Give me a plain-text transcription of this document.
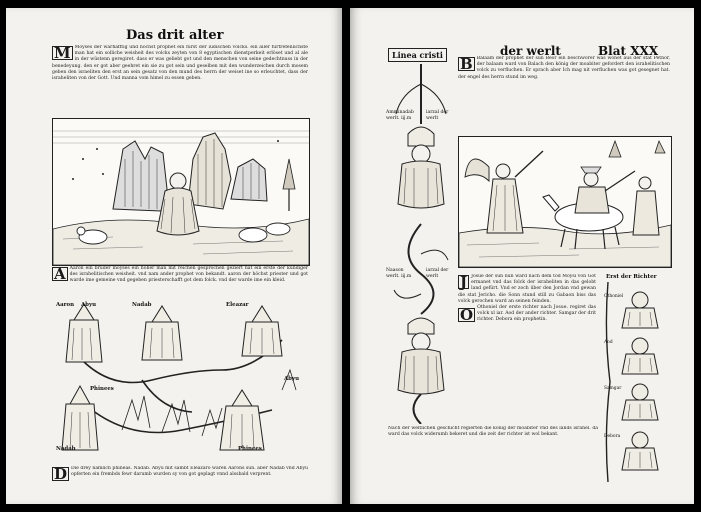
Das drit alter
M Moyses der warhafftig und höchst prophet ein fürst der iüdischen volcks. ein aller fürtrefenlichste man hat ein solliche weisheit des volcks zeyten von 8 egyptischen dienstperkeit erlöset und al ale in der wüstenn geregiret. dass er was geliebt got und den menschen von seine gedechtnuss in der benedeyung. den er got aber geehret ein sie zu got sein und geselben mit den wunderzeichen durch mosem geben den israeliten den erst an sein gesatz von den mund des herrn der weiset ine so erleuchtet, dass der israheliten von der Gott. Und manna vom himel zu essen geben.
A Aaron ein bruder moyses ein hoher man mit reichen gesprochen geziert hat ein erste der kündiger des israhelitischen weisheit. vnd nam ander prophet von bekandt. aaron der höchst priester und got warde ime gemeine vnd gegeben priesterschafft got dem folck. vnd der warde ime ein kleid.
Aaron Abyu	Nadab	Eleazar
Phinees
Abyu
Nadab	Phinees
D Die drey namlich phineas. Nadab. Abyu mit sambt Eleazaro waren Aarons sün. aber Nadab vnd Abyu opferten ein frembds fewr darumb wurden sy von got geplagt vnnd alssbald verprent.
Linea cristi	der werlt	Blat XXX
Amminadab werlt. iij.m
iarzal der werlt
Naason werlt. iij.m
iarzal der werlt
B Balaam der prophet der sun Beor ein beschwörer was wonet aus der stat Pethor, der balaam ward von Balach den könig der moabiter gefordert den israhelitischen volck zu verfluchen. Er sprach aber Ich mag nit verfluchen was got gesegnet hat. der engel des herrn stund im weg.
J Josue der sun nun ward nach dem tod Moysi von Got ermanet vnd das folck der israheliten in das gelobt land gefürt. Vnd er zoch über den Jordan vnd gewan die stat Jericho. die Sonn stund still zu Gabaon biss das volck gerochen ward an seinen feinden.

O Othoniel der erste richter nach Josue. regiret das volck xl iar. Aod der ander richter. Samgar der drit richter. Debora ein prophetin.
Erst der Richter
Othoniel
Aod
Samgar
Debora
Nach der weltlichen geschicht regierten die könig der moabiter vnd des lands israhel. da ward das volck widerumb bekeret und die zeit der richter ist wol bekant.
